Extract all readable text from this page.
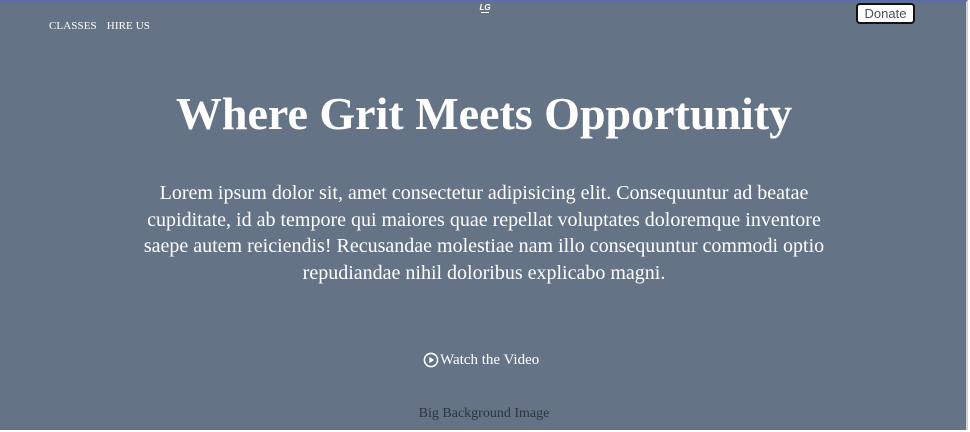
CLASSES HIRE US
LG	Donate
Where Grit Meets Opportunity

Lorem ipsum dolor sit, amet consectetur adipisicing elit. Consequuntur ad beatae cupiditate, id ab tempore qui maiores quae repellat voluptates doloremque inventore saepe autem reiciendis! Recusandae molestiae nam illo consequuntur commodi optio repudiandae nihil doloribus explicabo magni.

Watch the Video
Big Background Image
